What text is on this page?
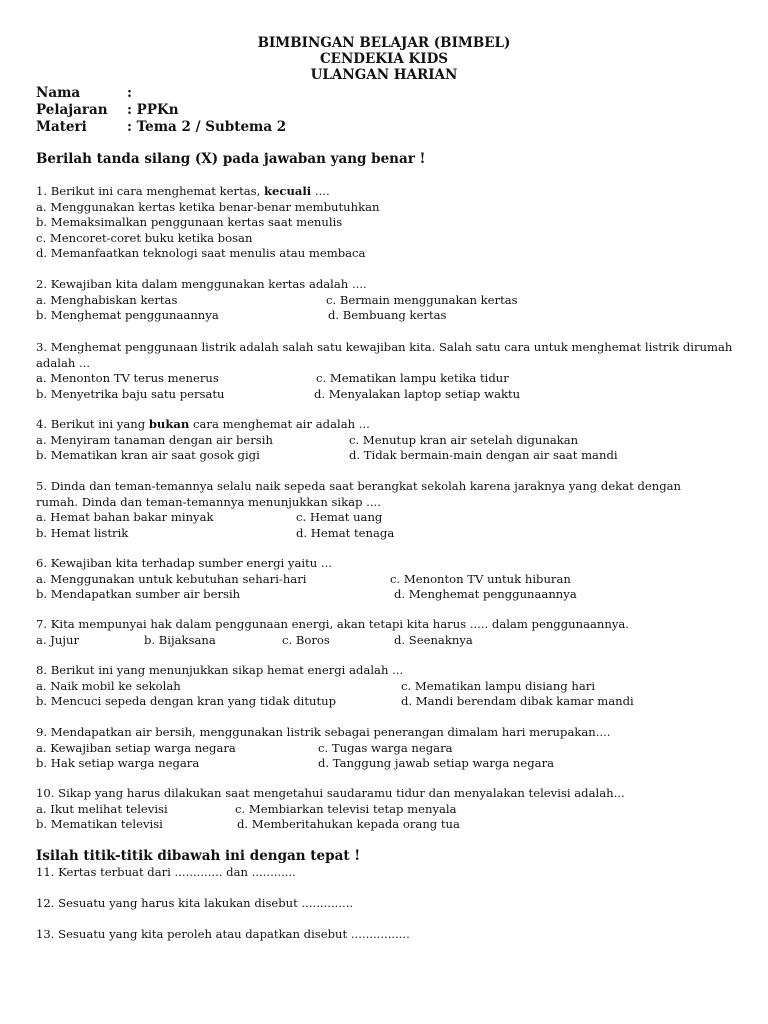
BIMBINGAN BELAJAR (BIMBEL)
CENDEKIA KIDS
ULANGAN HARIAN
Nama	:
Pelajaran : PPKn
Materi	: Tema 2 / Subtema 2
Berilah tanda silang (X) pada jawaban yang benar !
1. Berikut ini cara menghemat kertas, kecuali ....
a. Menggunakan kertas ketika benar-benar membutuhkan
b. Memaksimalkan penggunaan kertas saat menulis
c. Mencoret-coret buku ketika bosan
d. Memanfaatkan teknologi saat menulis atau membaca
2. Kewajiban kita dalam menggunakan kertas adalah ....
a. Menghabiskan kertas	c. Bermain menggunakan kertas
b. Menghemat penggunaannya	d. Bembuang kertas
3. Menghemat penggunaan listrik adalah salah satu kewajiban kita. Salah satu cara untuk menghemat listrik dirumah adalah ...
a. Menonton TV terus menerus	c. Mematikan lampu ketika tidur
b. Menyetrika baju satu persatu	d. Menyalakan laptop setiap waktu
4. Berikut ini yang bukan cara menghemat air adalah ...
a. Menyiram tanaman dengan air bersih	c. Menutup kran air setelah digunakan
b. Mematikan kran air saat gosok gigi	d. Tidak bermain-main dengan air saat mandi
5. Dinda dan teman-temannya selalu naik sepeda saat berangkat sekolah karena jaraknya yang dekat dengan rumah. Dinda dan teman-temannya menunjukkan sikap ....
a. Hemat bahan bakar minyak	c. Hemat uang
b. Hemat listrik	d. Hemat tenaga
6. Kewajiban kita terhadap sumber energi yaitu ...
a. Menggunakan untuk kebutuhan sehari-hari	c. Menonton TV untuk hiburan
b. Mendapatkan sumber air bersih	d. Menghemat penggunaannya
7. Kita mempunyai hak dalam penggunaan energi, akan tetapi kita harus ..... dalam penggunaannya.
a. Jujur	b. Bijaksana	c. Boros	d. Seenaknya
8. Berikut ini yang menunjukkan sikap hemat energi adalah ...
a. Naik mobil ke sekolah	c. Mematikan lampu disiang hari
b. Mencuci sepeda dengan kran yang tidak ditutup	d. Mandi berendam dibak kamar mandi
9. Mendapatkan air bersih, menggunakan listrik sebagai penerangan dimalam hari merupakan....
a. Kewajiban setiap warga negara	c. Tugas warga negara
b. Hak setiap warga negara	d. Tanggung jawab setiap warga negara
10. Sikap yang harus dilakukan saat mengetahui saudaramu tidur dan menyalakan televisi adalah...
a. Ikut melihat televisi	c. Membiarkan televisi tetap menyala
b. Mematikan televisi	d. Memberitahukan kepada orang tua
Isilah titik-titik dibawah ini dengan tepat !
11. Kertas terbuat dari ............. dan ............
12. Sesuatu yang harus kita lakukan disebut ..............
13. Sesuatu yang kita peroleh atau dapatkan disebut ................
